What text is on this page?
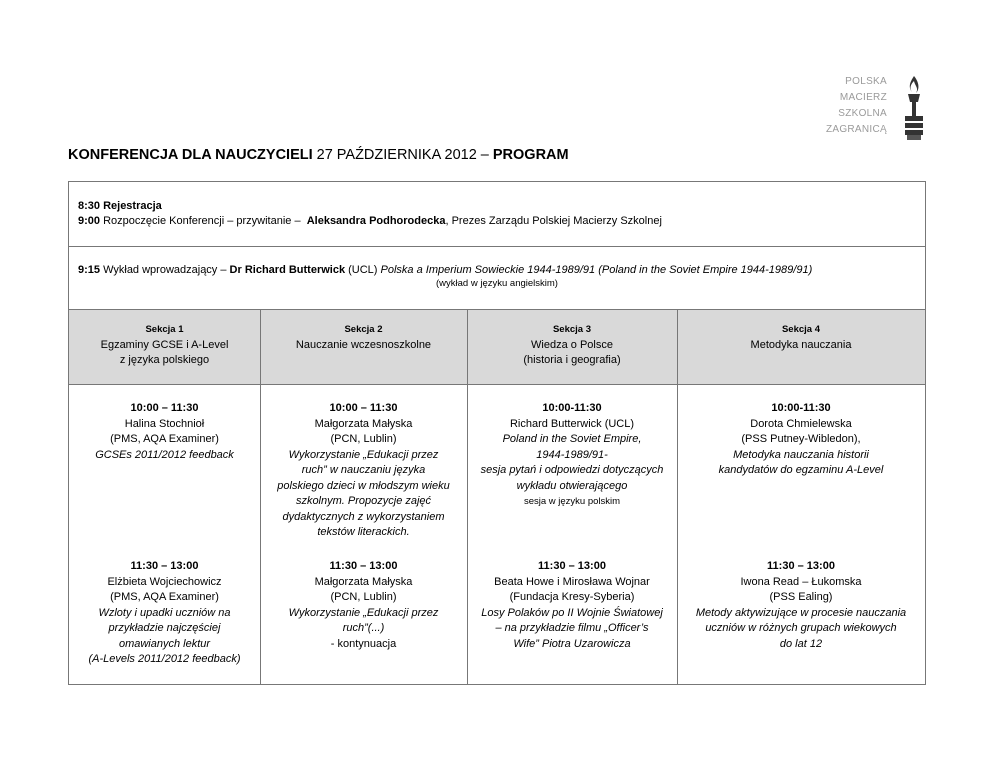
POLSKA
MACIERZ
SZKOLNA
ZAGRANICĄ
KONFERENCJA DLA NAUCZYCIELI 27 PAŹDZIERNIKA 2012 – PROGRAM
8:30 Rejestracja
9:00 Rozpoczęcie Konferencji – przywitanie –  Aleksandra Podhorodecka, Prezes Zarządu Polskiej Macierzy Szkolnej
9:15 Wykład wprowadzający – Dr Richard Butterwick (UCL) Polska a Imperium Sowieckie 1944-1989/91 (Poland in the Soviet Empire 1944-1989/91)
(wykład w języku angielskim)
Sekcja 1
Egzaminy GCSE i A-Level
z języka polskiego
Sekcja 2
Nauczanie wczesnoszkolne
Sekcja 3
Wiedza o Polsce
(historia i geografia)
Sekcja 4
Metodyka nauczania
10:00 – 11:30
Halina Stochnioł
(PMS, AQA Examiner)
GCSEs 2011/2012 feedback
10:00 – 11:30
Małgorzata Małyska
(PCN, Lublin)
Wykorzystanie „Edukacji przez
ruch” w nauczaniu języka
polskiego dzieci w młodszym wieku
szkolnym. Propozycje zajęć
dydaktycznych z wykorzystaniem
tekstów literackich.
10:00-11:30
Richard Butterwick (UCL)
Poland in the Soviet Empire,
1944-1989/91-
sesja pytań i odpowiedzi dotyczących
wykładu otwierającego
sesja w języku polskim
10:00-11:30
Dorota Chmielewska
(PSS Putney-Wibledon),
Metodyka nauczania historii
kandydatów do egzaminu A-Level
11:30 – 13:00
Elżbieta Wojciechowicz
(PMS, AQA Examiner)
Wzloty i upadki uczniów na
przykładzie najczęściej
omawianych lektur
(A-Levels 2011/2012 feedback)
11:30 – 13:00
Małgorzata Małyska
(PCN, Lublin)
Wykorzystanie „Edukacji przez
ruch”(...)
- kontynuacja
11:30 – 13:00
Beata Howe i Mirosława Wojnar
(Fundacja Kresy-Syberia)
Losy Polaków po II Wojnie Światowej
– na przykładzie filmu „Officer’s
Wife” Piotra Uzarowicza
11:30 – 13:00
Iwona Read – Łukomska
(PSS Ealing)
Metody aktywizujące w procesie nauczania
uczniów w różnych grupach wiekowych
do lat 12
